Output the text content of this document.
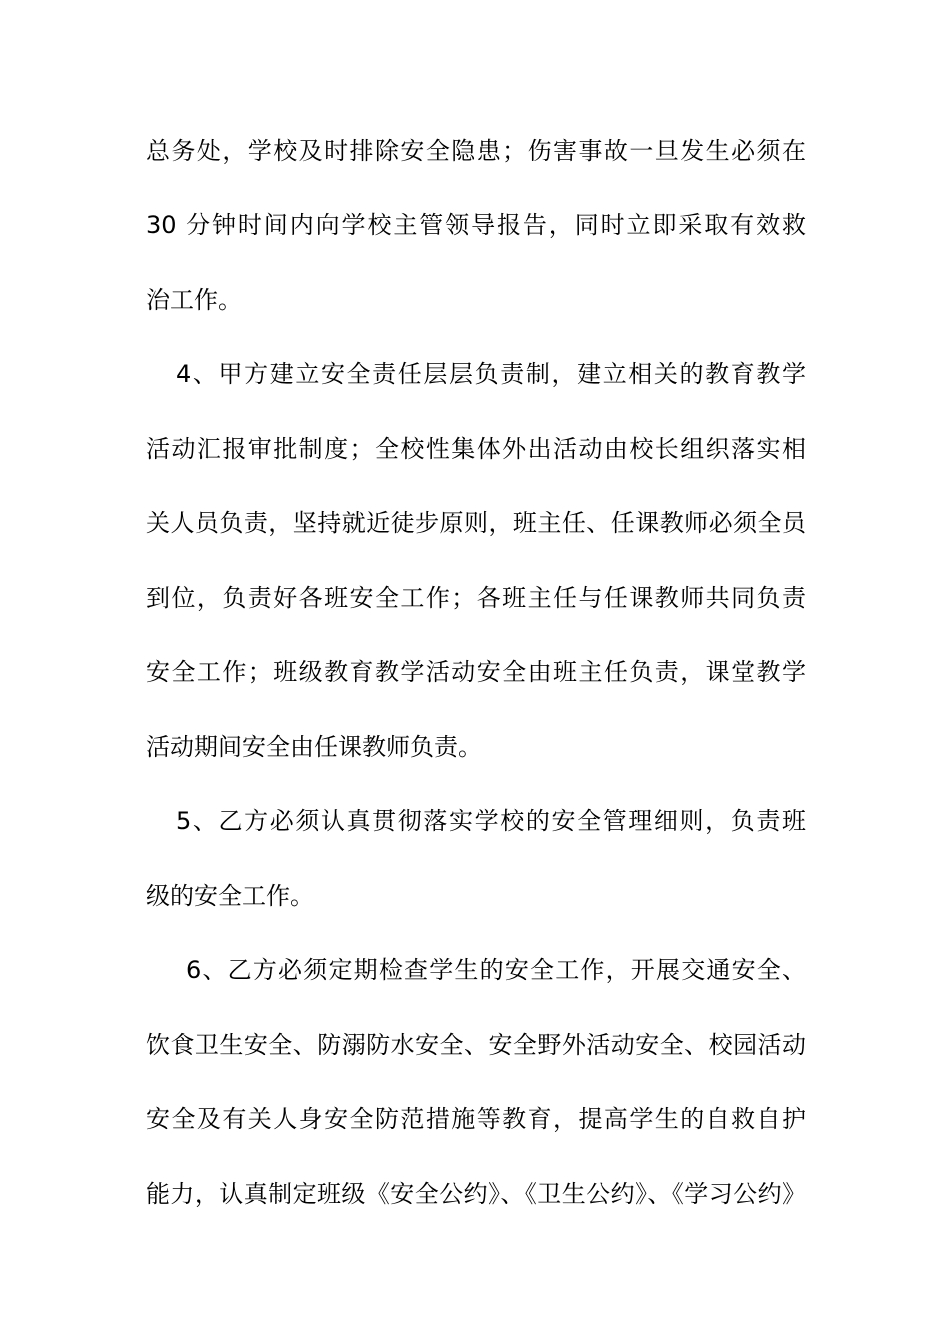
总务处，学校及时排除安全隐患；伤害事故一旦发生必须在
30 分钟时间内向学校主管领导报告，同时立即采取有效救
治工作。
4、甲方建立安全责任层层负责制，建立相关的教育教学
活动汇报审批制度；全校性集体外出活动由校长组织落实相
关人员负责，坚持就近徒步原则，班主任、任课教师必须全员
到位，负责好各班安全工作；各班主任与任课教师共同负责
安全工作；班级教育教学活动安全由班主任负责，课堂教学
活动期间安全由任课教师负责。
5、乙方必须认真贯彻落实学校的安全管理细则，负责班
级的安全工作。
6、乙方必须定期检查学生的安全工作，开展交通安全、
饮食卫生安全、防溺防水安全、安全野外活动安全、校园活动
安全及有关人身安全防范措施等教育，提高学生的自救自护
能力，认真制定班级《安全公约》、《卫生公约》、《学习公约》
